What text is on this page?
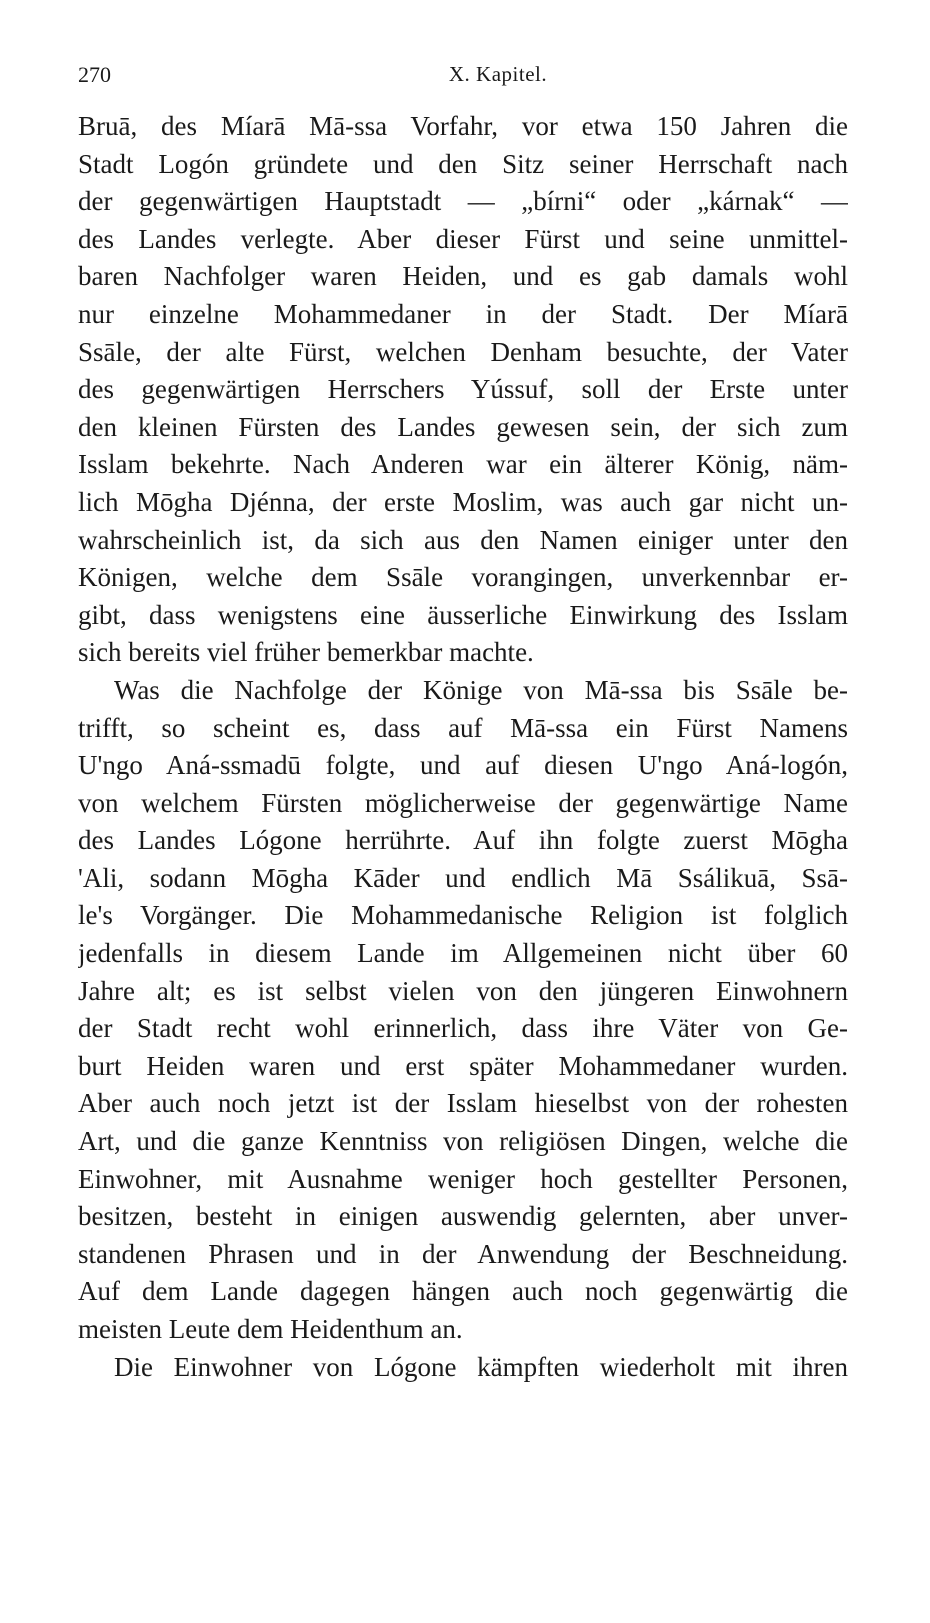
270	X. Kapitel.
Bruā, des Míarā Mā-ssa Vorfahr, vor etwa 150 Jahren die
Stadt Logón gründete und den Sitz seiner Herrschaft nach
der gegenwärtigen Hauptstadt — „bírni“ oder „kárnak“ —
des Landes verlegte. Aber dieser Fürst und seine unmittel-
baren Nachfolger waren Heiden, und es gab damals wohl
nur einzelne Mohammedaner in der Stadt. Der Míarā
Ssāle, der alte Fürst, welchen Denham besuchte, der Vater
des gegenwärtigen Herrschers Yússuf, soll der Erste unter
den kleinen Fürsten des Landes gewesen sein, der sich zum
Isslam bekehrte. Nach Anderen war ein älterer König, näm-
lich Mōgha Djénna, der erste Moslim, was auch gar nicht un-
wahrscheinlich ist, da sich aus den Namen einiger unter den
Königen, welche dem Ssāle vorangingen, unverkennbar er-
gibt, dass wenigstens eine äusserliche Einwirkung des Isslam
sich bereits viel früher bemerkbar machte.
Was die Nachfolge der Könige von Mā-ssa bis Ssāle be-
trifft, so scheint es, dass auf Mā-ssa ein Fürst Namens
U'ngo Aná-ssmadū folgte, und auf diesen U'ngo Aná-logón,
von welchem Fürsten möglicherweise der gegenwärtige Name
des Landes Lógone herrührte. Auf ihn folgte zuerst Mōgha
'Ali, sodann Mōgha Kāder und endlich Mā Ssálikuā, Ssā-
le's Vorgänger. Die Mohammedanische Religion ist folglich
jedenfalls in diesem Lande im Allgemeinen nicht über 60
Jahre alt; es ist selbst vielen von den jüngeren Einwohnern
der Stadt recht wohl erinnerlich, dass ihre Väter von Ge-
burt Heiden waren und erst später Mohammedaner wurden.
Aber auch noch jetzt ist der Isslam hieselbst von der rohesten
Art, und die ganze Kenntniss von religiösen Dingen, welche die
Einwohner, mit Ausnahme weniger hoch gestellter Personen,
besitzen, besteht in einigen auswendig gelernten, aber unver-
standenen Phrasen und in der Anwendung der Beschneidung.
Auf dem Lande dagegen hängen auch noch gegenwärtig die
meisten Leute dem Heidenthum an.
Die Einwohner von Lógone kämpften wiederholt mit ihren
